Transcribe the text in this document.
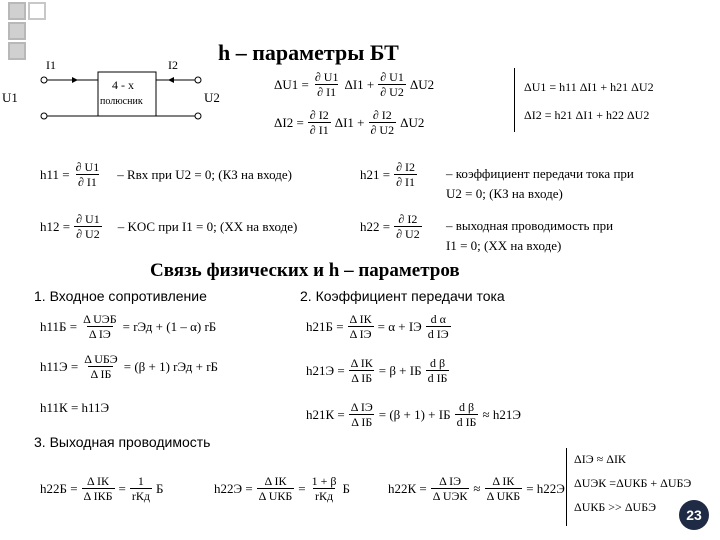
h – параметры БТ
I1	I2
U1	U2
4 - х
полюсник
$\Delta U1 = \frac{\partial U1}{\partial I1} \Delta I1 + \frac{\partial U1}{\partial U2} \Delta U2$
$\Delta I2 = \frac{\partial I2}{\partial I1} \Delta I1 + \frac{\partial I2}{\partial U2} \Delta U2$
ΔU1 = h11 ΔI1 + h21 ΔU2
ΔI2 = h21 ΔI1 + h22 ΔU2
$h11 = \frac{\partial U1}{\partial I1}$ – Rвх при U2 = 0; (КЗ на входе)
$h12 = \frac{\partial U1}{\partial U2}$ – KОС при I1 = 0; (ХХ на входе)
$h21 = \frac{\partial I2}{\partial I1}$ – коэффициент передачи тока при
U2 = 0; (КЗ на входе)
$h22 = \frac{\partial I2}{\partial U2}$ – выходная проводимость при
I1 = 0; (ХХ на входе)
Связь физических и h – параметров
1. Входное сопротивление	2. Коэффициент передачи тока
3. Выходная проводимость
$h11Б = \frac{\text{Δ UЭБ}}{\text{Δ IЭ}}$ = rЭд + (1 – α) rБ
$h11Э = \frac{\text{Δ UБЭ}}{\text{Δ IБ}} = (\beta + 1)$ rЭд + rБ
h11К = h11Э
$h21Б = \frac{\text{Δ IК}}{\text{Δ IЭ}} = \alpha$ + IЭ $\frac{\text{d α}}{\text{d IЭ}}$
$h21Э = \frac{\text{Δ IК}}{\text{Δ IБ}} = \beta$ + IБ $\frac{\text{d β}}{\text{d IБ}}$
$h21К = \frac{\text{Δ IЭ}}{\text{Δ IБ}} = (\beta + 1)$ + IБ $\frac{\text{d β}}{\text{d IБ}} \approx h21Э$
$h22Б = \frac{\text{Δ IК}}{\text{Δ IКБ}} = \frac{1}{\text{rКд}}$ Б	$h22Э = \frac{\text{Δ IК}}{\text{Δ UКБ}} = \frac{1 + \beta}{\text{rКд}}$ Б	$h22К = \frac{\text{Δ IЭ}}{\text{Δ UЭК}} \approx \frac{\text{Δ IК}}{\text{Δ UКБ}} = h22Э$
ΔIЭ ≈ ΔIК
ΔUЭК =ΔUКБ + ΔUБЭ
ΔUКБ >> ΔUБЭ 23
